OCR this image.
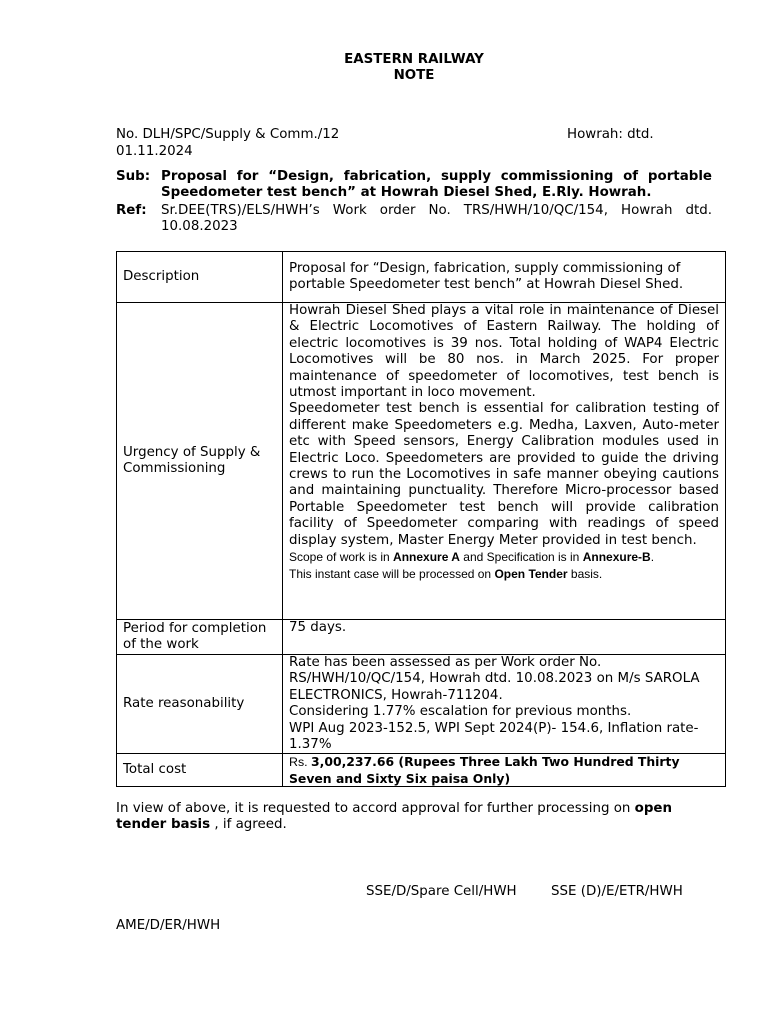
EASTERN RAILWAY
NOTE
No. DLH/SPC/Supply & Comm./12	Howrah: dtd.
01.11.2024
Sub: Proposal for “Design, fabrication, supply commissioning of portable Speedometer test bench” at Howrah Diesel Shed, E.Rly. Howrah.
Ref: Sr.DEE(TRS)/ELS/HWH’s Work order No. TRS/HWH/10/QC/154, Howrah dtd. 10.08.2023
Description	Proposal for “Design, fabrication, supply commissioning of portable Speedometer test bench” at Howrah Diesel Shed.
Urgency of Supply & Commissioning	Howrah Diesel Shed plays a vital role in maintenance of Diesel & Electric Locomotives of Eastern Railway. The holding of electric locomotives is 39 nos. Total holding of WAP4 Electric Locomotives will be 80 nos. in March 2025. For proper maintenance of speedometer of locomotives, test bench is utmost important in loco movement.
Speedometer test bench is essential for calibration testing of different make Speedometers e.g. Medha, Laxven, Auto-meter etc with Speed sensors, Energy Calibration modules used in Electric Loco. Speedometers are provided to guide the driving crews to run the Locomotives in safe manner obeying cautions and maintaining punctuality. Therefore Micro-processor based Portable Speedometer test bench will provide calibration facility of Speedometer comparing with readings of speed display system, Master Energy Meter provided in test bench.
Scope of work is in Annexure A and Specification is in Annexure-B.
This instant case will be processed on Open Tender basis.

Period for completion of the work	75 days.
Rate reasonability	Rate has been assessed as per Work order No.
RS/HWH/10/QC/154, Howrah dtd. 10.08.2023 on M/s SAROLA ELECTRONICS, Howrah-711204.
Considering 1.77% escalation for previous months.
WPI Aug 2023-152.5, WPI Sept 2024(P)- 154.6, Inflation rate-1.37%

Total cost	Rs. 3,00,237.66 (Rupees Three Lakh Two Hundred Thirty Seven and Sixty Six paisa Only)
In view of above, it is requested to accord approval for further processing on open tender basis , if agreed.
SSE/D/Spare Cell/HWH	SSE (D)/E/ETR/HWH
AME/D/ER/HWH
